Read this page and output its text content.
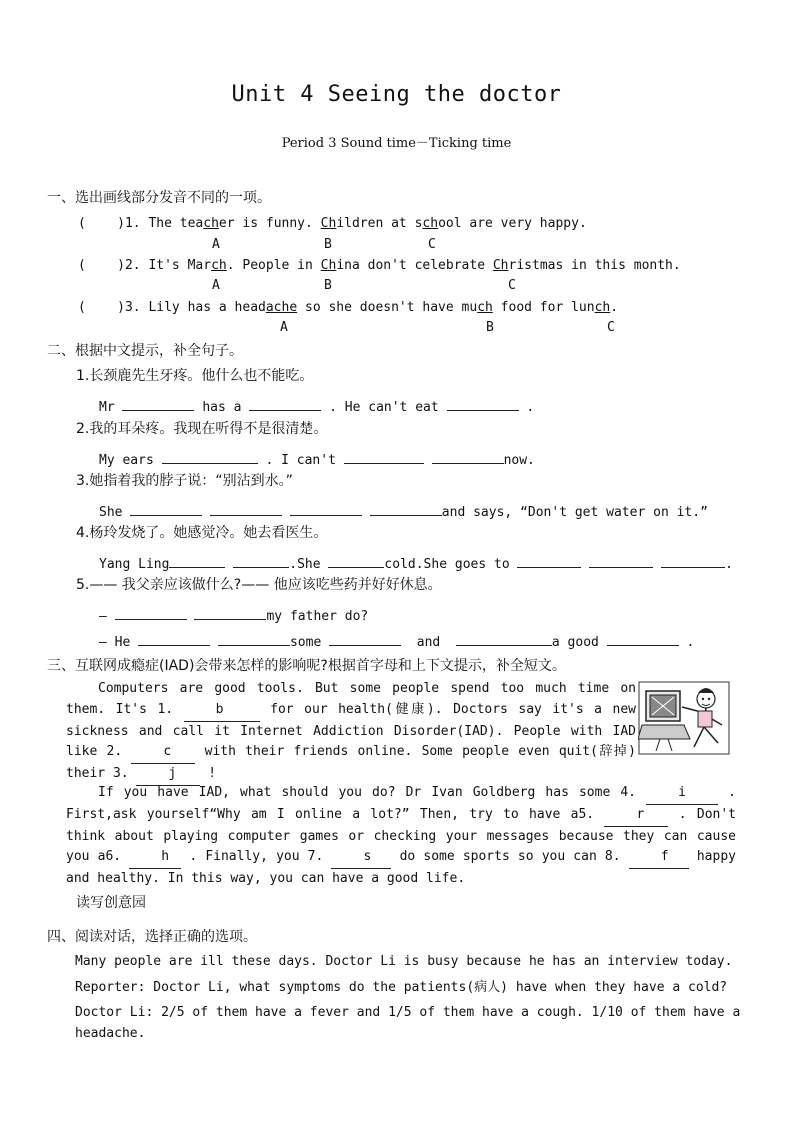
Unit 4 Seeing the doctor
Period 3 Sound time－Ticking time
一、选出画线部分发音不同的一项。
(    )1. The teacher is funny. Children at school are very happy.
A	B	C
(    )2. It's March. People in China don't celebrate Christmas in this month.
A	B	C
(    )3. Lily has a headache so she doesn't have much food for lunch.
A	B	C
二、根据中文提示，补全句子。
1.长颈鹿先生牙疼。他什么也不能吃。
Mr	has a	. He can't eat	.
2.我的耳朵疼。我现在听得不是很清楚。
My ears	. I can't	now.
3.她指着我的脖子说：“别沾到水。”
She	and says, “Don't get water on it.”
4.杨玲发烧了。她感觉冷。她去看医生。
Yang Ling	.She	cold.She goes to	.
5.—— 我父亲应该做什么?—— 他应该吃些药并好好休息。
—	my father do?
— He	some	and	a good	.
三、互联网成瘾症(IAD)会带来怎样的影响呢?根据首字母和上下文提示，补全短文。
Computers are good tools. But some people spend too much time on them. It's 1. b	for our health(健康). Doctors say it's a new sickness and call it Internet Addiction Disorder(IAD). People with IAD like 2. c with their friends online. Some people even quit(辞掉) their 3. j !
If you have IAD, what should you do? Dr Ivan Goldberg has some 4. i . First,ask yourself“Why am I online a lot?” Then, try to have a5. r . Don't think about playing computer games or checking your messages because they can cause you a6. h . Finally, you 7. s do some sports so you can 8. f happy and healthy. In this way, you can have a good life.
读写创意园
四、阅读对话，选择正确的选项。
Many people are ill these days. Doctor Li is busy because he has an interview today.
Reporter: Doctor Li, what symptoms do the patients(病人) have when they have a cold?
Doctor Li: 2/5 of them have a fever and 1/5 of them have a cough. 1/10 of them have a headache.
